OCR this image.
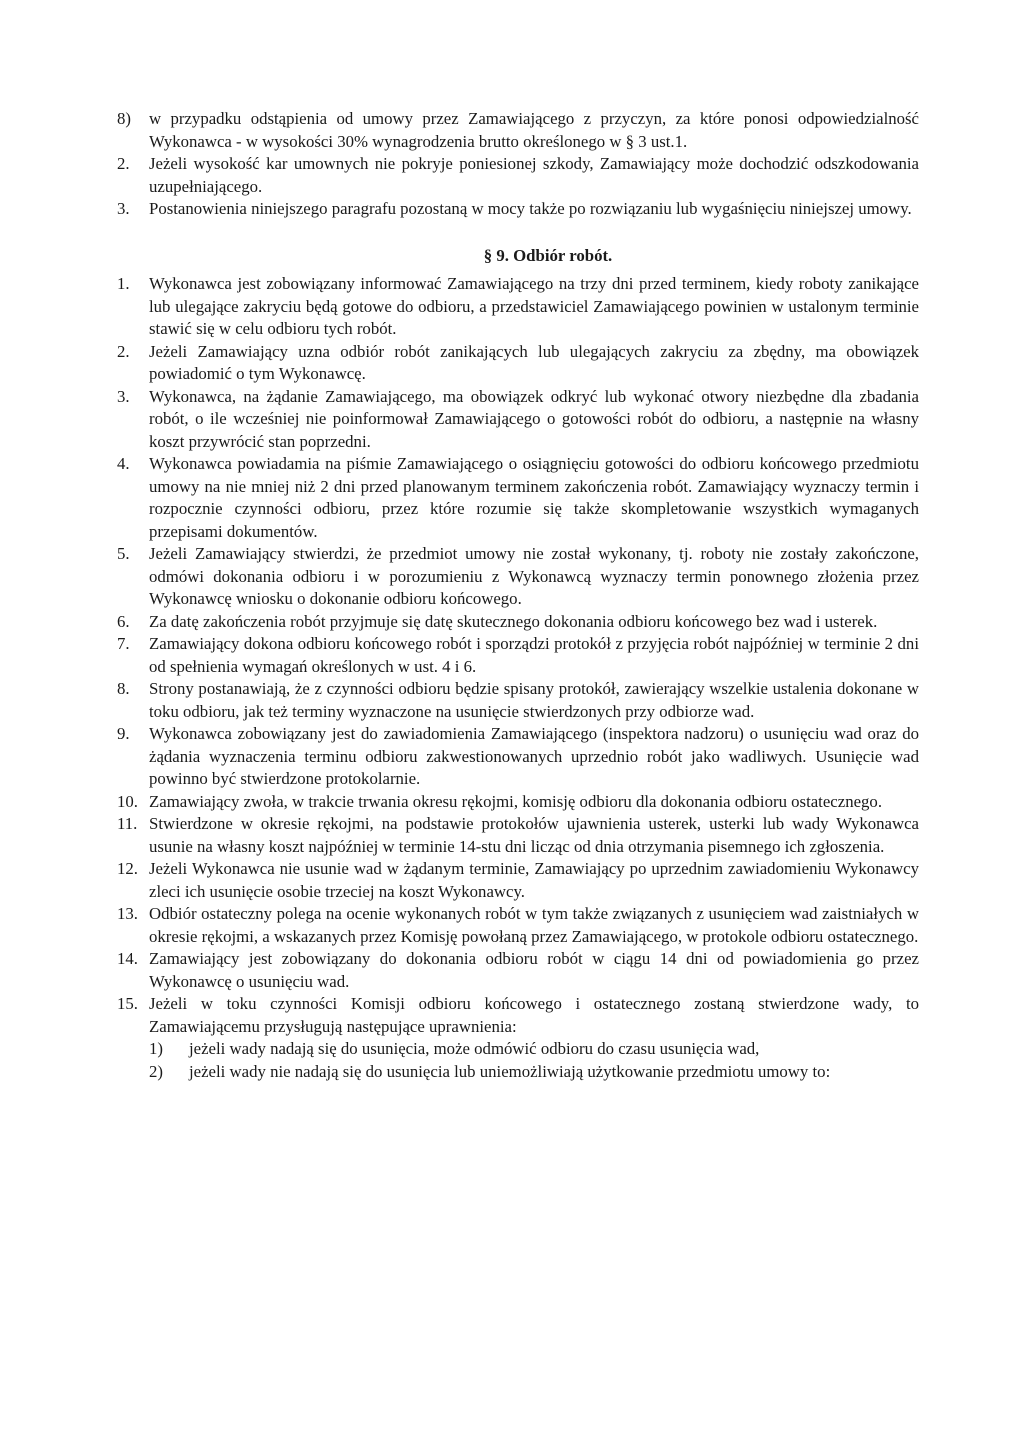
8)	w przypadku odstąpienia od umowy przez Zamawiającego z przyczyn, za które ponosi odpowiedzialność Wykonawca - w wysokości 30% wynagrodzenia brutto określonego w § 3 ust.1.

2.	Jeżeli wysokość kar umownych nie pokryje poniesionej szkody, Zamawiający może dochodzić odszkodowania uzupełniającego.

3.	Postanowienia niniejszego paragrafu pozostaną w mocy także po rozwiązaniu lub wygaśnięciu niniejszej umowy.

§ 9. Odbiór robót.
1.	Wykonawca jest zobowiązany informować Zamawiającego na trzy dni przed terminem, kiedy roboty zanikające lub ulegające zakryciu będą gotowe do odbioru, a przedstawiciel Zamawiającego powinien w ustalonym terminie stawić się w celu odbioru tych robót.

2.	Jeżeli Zamawiający uzna odbiór robót zanikających lub ulegających zakryciu za zbędny, ma obowiązek powiadomić o tym Wykonawcę.

3.	Wykonawca, na żądanie Zamawiającego, ma obowiązek odkryć lub wykonać otwory niezbędne dla zbadania robót, o ile wcześniej nie poinformował Zamawiającego o gotowości robót do odbioru, a następnie na własny koszt przywrócić stan poprzedni.

4.	Wykonawca powiadamia na piśmie Zamawiającego o osiągnięciu gotowości do odbioru końcowego przedmiotu umowy na nie mniej niż 2 dni przed planowanym terminem zakończenia robót. Zamawiający wyznaczy termin i rozpocznie czynności odbioru, przez które rozumie się także skompletowanie wszystkich wymaganych przepisami dokumentów.

5.	Jeżeli Zamawiający stwierdzi, że przedmiot umowy nie został wykonany, tj. roboty nie zostały zakończone, odmówi dokonania odbioru i w porozumieniu z Wykonawcą wyznaczy termin ponownego złożenia przez Wykonawcę wniosku o dokonanie odbioru końcowego.

6.	Za datę zakończenia robót przyjmuje się datę skutecznego dokonania odbioru końcowego bez wad i usterek.

7.	Zamawiający dokona odbioru końcowego robót i sporządzi protokół z przyjęcia robót najpóźniej w terminie 2 dni od spełnienia wymagań określonych w ust. 4 i 6.

8.	Strony postanawiają, że z czynności odbioru będzie spisany protokół, zawierający wszelkie ustalenia dokonane w toku odbioru, jak też terminy wyznaczone na usunięcie stwierdzonych przy odbiorze wad.

9.	Wykonawca zobowiązany jest do zawiadomienia Zamawiającego (inspektora nadzoru) o usunięciu wad oraz do żądania wyznaczenia terminu odbioru zakwestionowanych uprzednio robót jako wadliwych. Usunięcie wad powinno być stwierdzone protokolarnie.

10. Zamawiający zwoła, w trakcie trwania okresu rękojmi, komisję odbioru dla dokonania odbioru ostatecznego.

11. Stwierdzone w okresie rękojmi, na podstawie protokołów ujawnienia usterek, usterki lub wady Wykonawca usunie na własny koszt najpóźniej w terminie 14-stu dni licząc od dnia otrzymania pisemnego ich zgłoszenia.

12. Jeżeli Wykonawca nie usunie wad w żądanym terminie, Zamawiający po uprzednim zawiadomieniu Wykonawcy zleci ich usunięcie osobie trzeciej na koszt Wykonawcy.

13. Odbiór ostateczny polega na ocenie wykonanych robót w tym także związanych z usunięciem wad zaistniałych w okresie rękojmi, a wskazanych przez Komisję powołaną przez Zamawiającego, w protokole odbioru ostatecznego.

14. Zamawiający jest zobowiązany do dokonania odbioru robót w ciągu 14 dni od powiadomienia go przez Wykonawcę o usunięciu wad.

15. Jeżeli w toku czynności Komisji odbioru końcowego i ostatecznego zostaną stwierdzone wady, to Zamawiającemu przysługują następujące uprawnienia:

1)	jeżeli wady nadają się do usunięcia, może odmówić odbioru do czasu usunięcia wad,

2)	jeżeli wady nie nadają się do usunięcia lub uniemożliwiają użytkowanie przedmiotu umowy to:
